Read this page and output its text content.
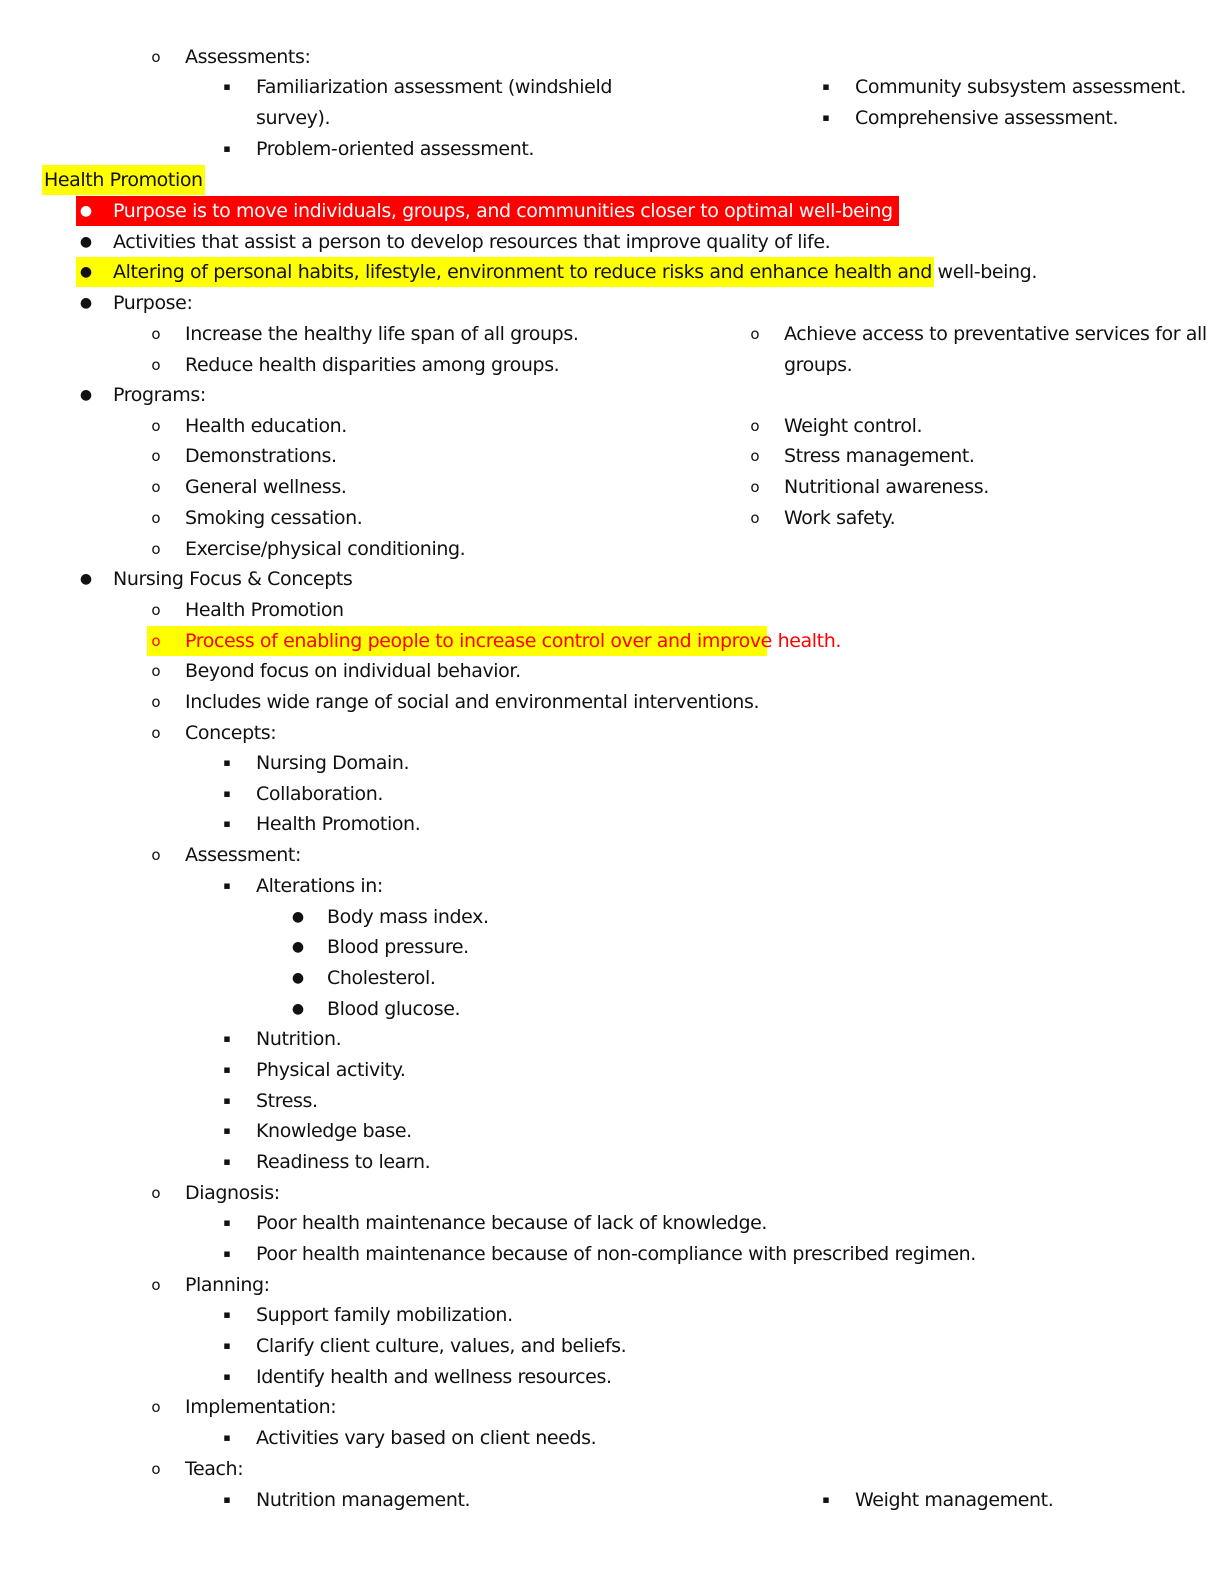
o Assessments:
▪ Familiarization assessment (windshield	▪ Community subsystem assessment.
survey).	▪ Comprehensive assessment.
▪ Problem-oriented assessment.
Health Promotion
● Purpose is to move individuals, groups, and communities closer to optimal well-being by educating.
● Activities that assist a person to develop resources that improve quality of life.
● Altering of personal habits, lifestyle, environment to reduce risks and enhance health and well-being.
● Purpose:
o Increase the healthy life span of all groups.	o Achieve access to preventative services for all
o Reduce health disparities among groups.	groups.
● Programs:
o Health education.	o Weight control.
o Demonstrations.	o Stress management.
o General wellness.	o Nutritional awareness.
o Smoking cessation.	o Work safety.
o Exercise/physical conditioning.
● Nursing Focus & Concepts
o Health Promotion
o Process of enabling people to increase control over and improve health.
o Beyond focus on individual behavior.
o Includes wide range of social and environmental interventions.
o Concepts:
▪ Nursing Domain.
▪ Collaboration.
▪ Health Promotion.
o Assessment:
▪ Alterations in:
● Body mass index.
● Blood pressure.
● Cholesterol.
● Blood glucose.
▪ Nutrition.
▪ Physical activity.
▪ Stress.
▪ Knowledge base.
▪ Readiness to learn.
o Diagnosis:
▪ Poor health maintenance because of lack of knowledge.
▪ Poor health maintenance because of non-compliance with prescribed regimen.
o Planning:
▪ Support family mobilization.
▪ Clarify client culture, values, and beliefs.
▪ Identify health and wellness resources.
o Implementation:
▪ Activities vary based on client needs.
o Teach:
▪ Nutrition management.	▪ Weight management.
